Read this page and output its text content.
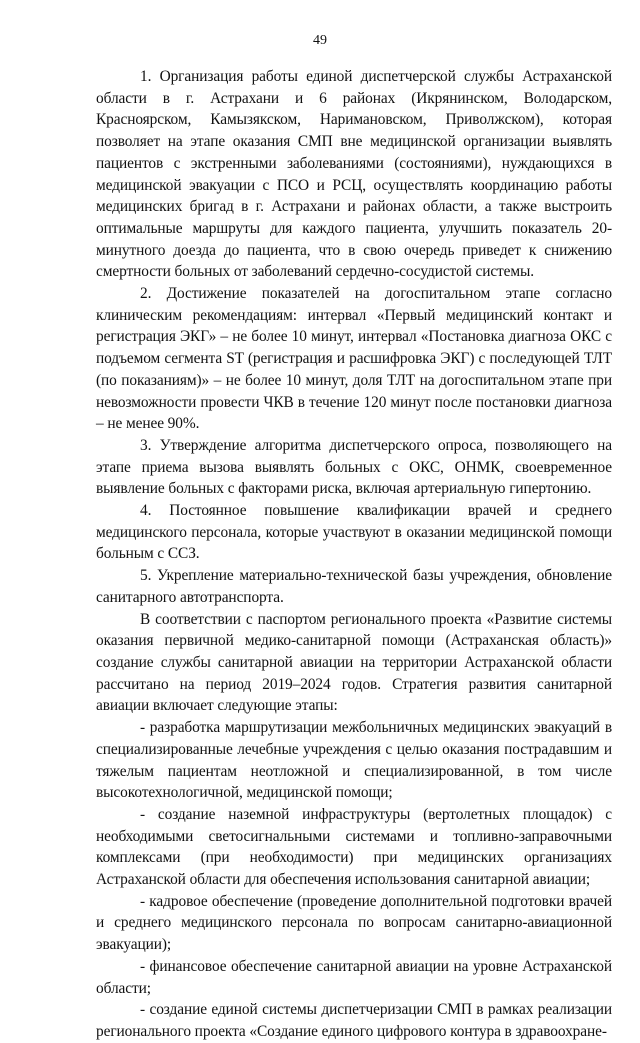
49

1. Организация работы единой диспетчерской службы Астраханской области в г. Астрахани и 6 районах (Икрянинском, Володарском, Красноярском, Камызякском, Наримановском, Приволжском), которая позволяет на этапе оказания СМП вне медицинской организации выявлять пациентов с экстренными заболеваниями (состояниями), нуждающихся в медицинской эвакуации с ПСО и РСЦ, осуществлять координацию работы медицинских бригад в г. Астрахани и районах области, а также выстроить оптимальные маршруты для каждого пациента, улучшить показатель 20-минутного доезда до пациента, что в свою очередь приведет к снижению смертности больных от заболеваний сердечно-сосудистой системы.

2. Достижение показателей на догоспитальном этапе согласно клиническим рекомендациям: интервал «Первый медицинский контакт и регистрация ЭКГ» – не более 10 минут, интервал «Постановка диагноза ОКС с подъемом сегмента ST (регистрация и расшифровка ЭКГ) с последующей ТЛТ (по показаниям)» – не более 10 минут, доля ТЛТ на догоспитальном этапе при невозможности провести ЧКВ в течение 120 минут после постановки диагноза – не менее 90%.

3. Утверждение алгоритма диспетчерского опроса, позволяющего на этапе приема вызова выявлять больных с ОКС, ОНМК, своевременное выявление больных с факторами риска, включая артериальную гипертонию.

4. Постоянное повышение квалификации врачей и среднего медицинского персонала, которые участвуют в оказании медицинской помощи больным с ССЗ.

5. Укрепление материально-технической базы учреждения, обновление санитарного автотранспорта.

В соответствии с паспортом регионального проекта «Развитие системы оказания первичной медико-санитарной помощи (Астраханская область)» создание службы санитарной авиации на территории Астраханской области рассчитано на период 2019–2024 годов. Стратегия развития санитарной авиации включает следующие этапы:

- разработка маршрутизации межбольничных медицинских эвакуаций в специализированные лечебные учреждения с целью оказания пострадавшим и тяжелым пациентам неотложной и специализированной, в том числе высокотехнологичной, медицинской помощи;

- создание наземной инфраструктуры (вертолетных площадок) с необходимыми светосигнальными системами и топливно-заправочными комплексами (при необходимости) при медицинских организациях Астраханской области для обеспечения использования санитарной авиации;

- кадровое обеспечение (проведение дополнительной подготовки врачей и среднего медицинского персонала по вопросам санитарно-авиационной эвакуации);

- финансовое обеспечение санитарной авиации на уровне Астраханской области;

- создание единой системы диспетчеризации СМП в рамках реализации регионального проекта «Создание единого цифрового контура в здравоохране-
